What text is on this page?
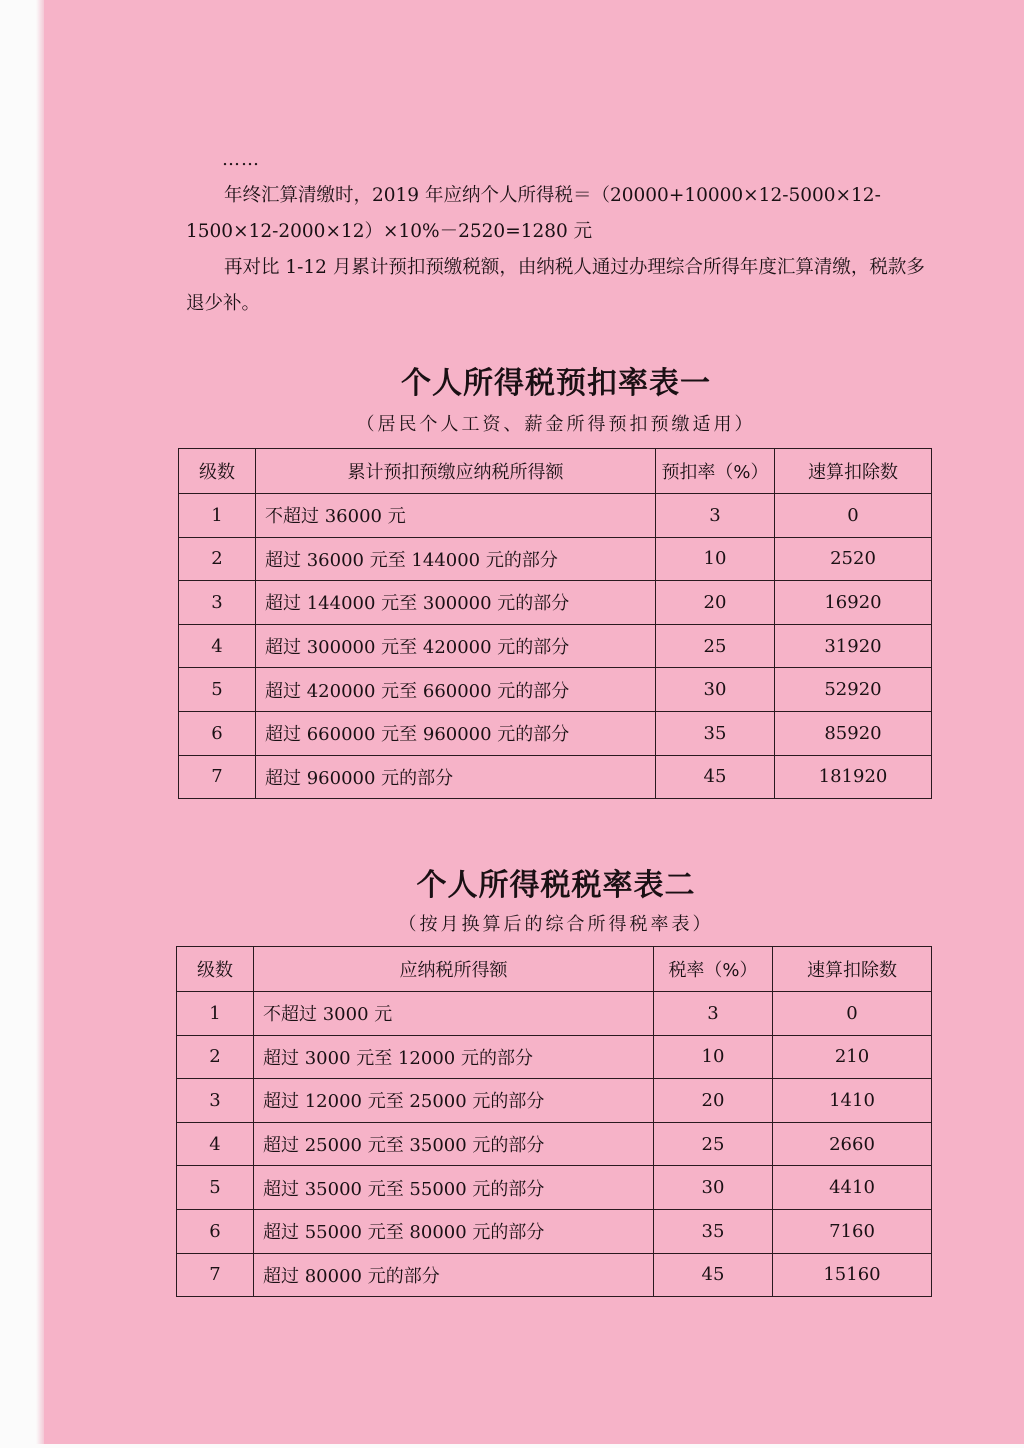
……

年终汇算清缴时，2019 年应纳个人所得税＝（20000+10000×12-5000×12-1500×12-2000×12）×10%－2520=1280 元

再对比 1-12 月累计预扣预缴税额，由纳税人通过办理综合所得年度汇算清缴，税款多退少补。

个人所得税预扣率表一

（居民个人工资、薪金所得预扣预缴适用）

级数	累计预扣预缴应纳税所得额	预扣率（%）	速算扣除数
1	不超过 36000 元	3	0
2	超过 36000 元至 144000 元的部分	10	2520
3	超过 144000 元至 300000 元的部分	20	16920
4	超过 300000 元至 420000 元的部分	25	31920
5	超过 420000 元至 660000 元的部分	30	52920
6	超过 660000 元至 960000 元的部分	35	85920
7	超过 960000 元的部分	45	181920
个人所得税税率表二

（按月换算后的综合所得税率表）

级数	应纳税所得额	税率（%）	速算扣除数
1	不超过 3000 元	3	0
2	超过 3000 元至 12000 元的部分	10	210
3	超过 12000 元至 25000 元的部分	20	1410
4	超过 25000 元至 35000 元的部分	25	2660
5	超过 35000 元至 55000 元的部分	30	4410
6	超过 55000 元至 80000 元的部分	35	7160
7	超过 80000 元的部分	45	15160
